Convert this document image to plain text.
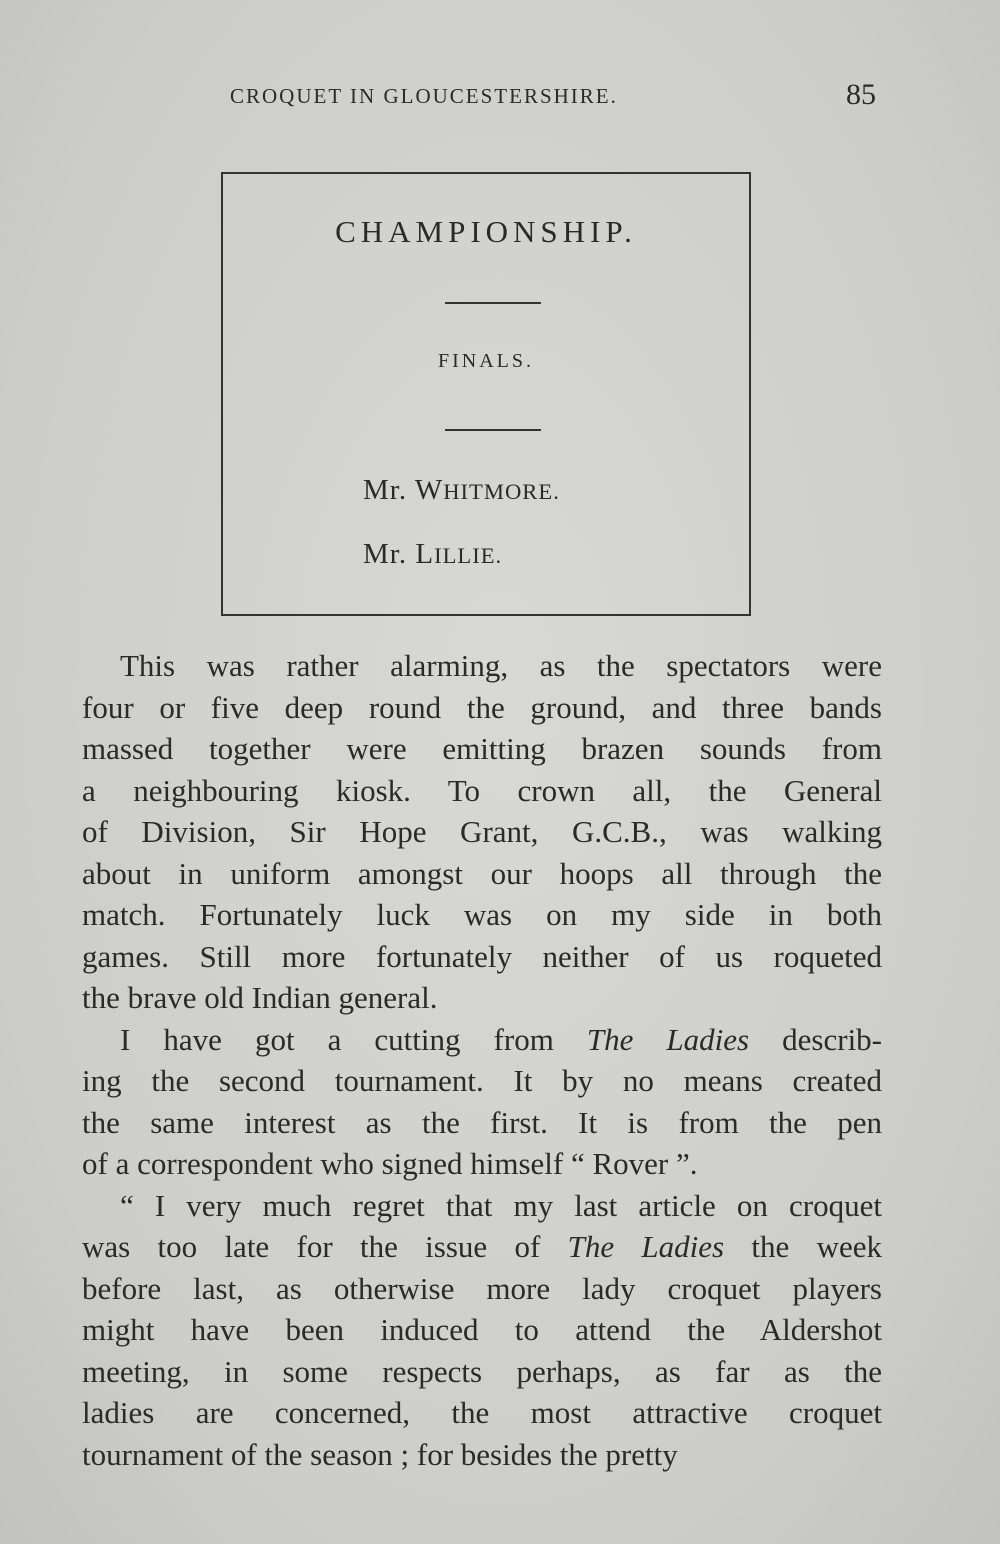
CROQUET IN GLOUCESTERSHIRE.	85
CHAMPIONSHIP.
FINALS.
Mr. WHITMORE.
Mr. LILLIE.
This was rather alarming, as the spectators were
four or five deep round the ground, and three bands
massed together were emitting brazen sounds from
a neighbouring kiosk. To crown all, the General
of Division, Sir Hope Grant, G.C.B., was walking
about in uniform amongst our hoops all through the
match. Fortunately luck was on my side in both
games. Still more fortunately neither of us roqueted
the brave old Indian general.
I have got a cutting from The Ladies describ-
ing the second tournament. It by no means created
the same interest as the first. It is from the pen
of a correspondent who signed himself “ Rover ”.
“ I very much regret that my last article on croquet
was too late for the issue of The Ladies the week
before last, as otherwise more lady croquet players
might have been induced to attend the Aldershot
meeting, in some respects perhaps, as far as the
ladies are concerned, the most attractive croquet
tournament of the season ; for besides the pretty
